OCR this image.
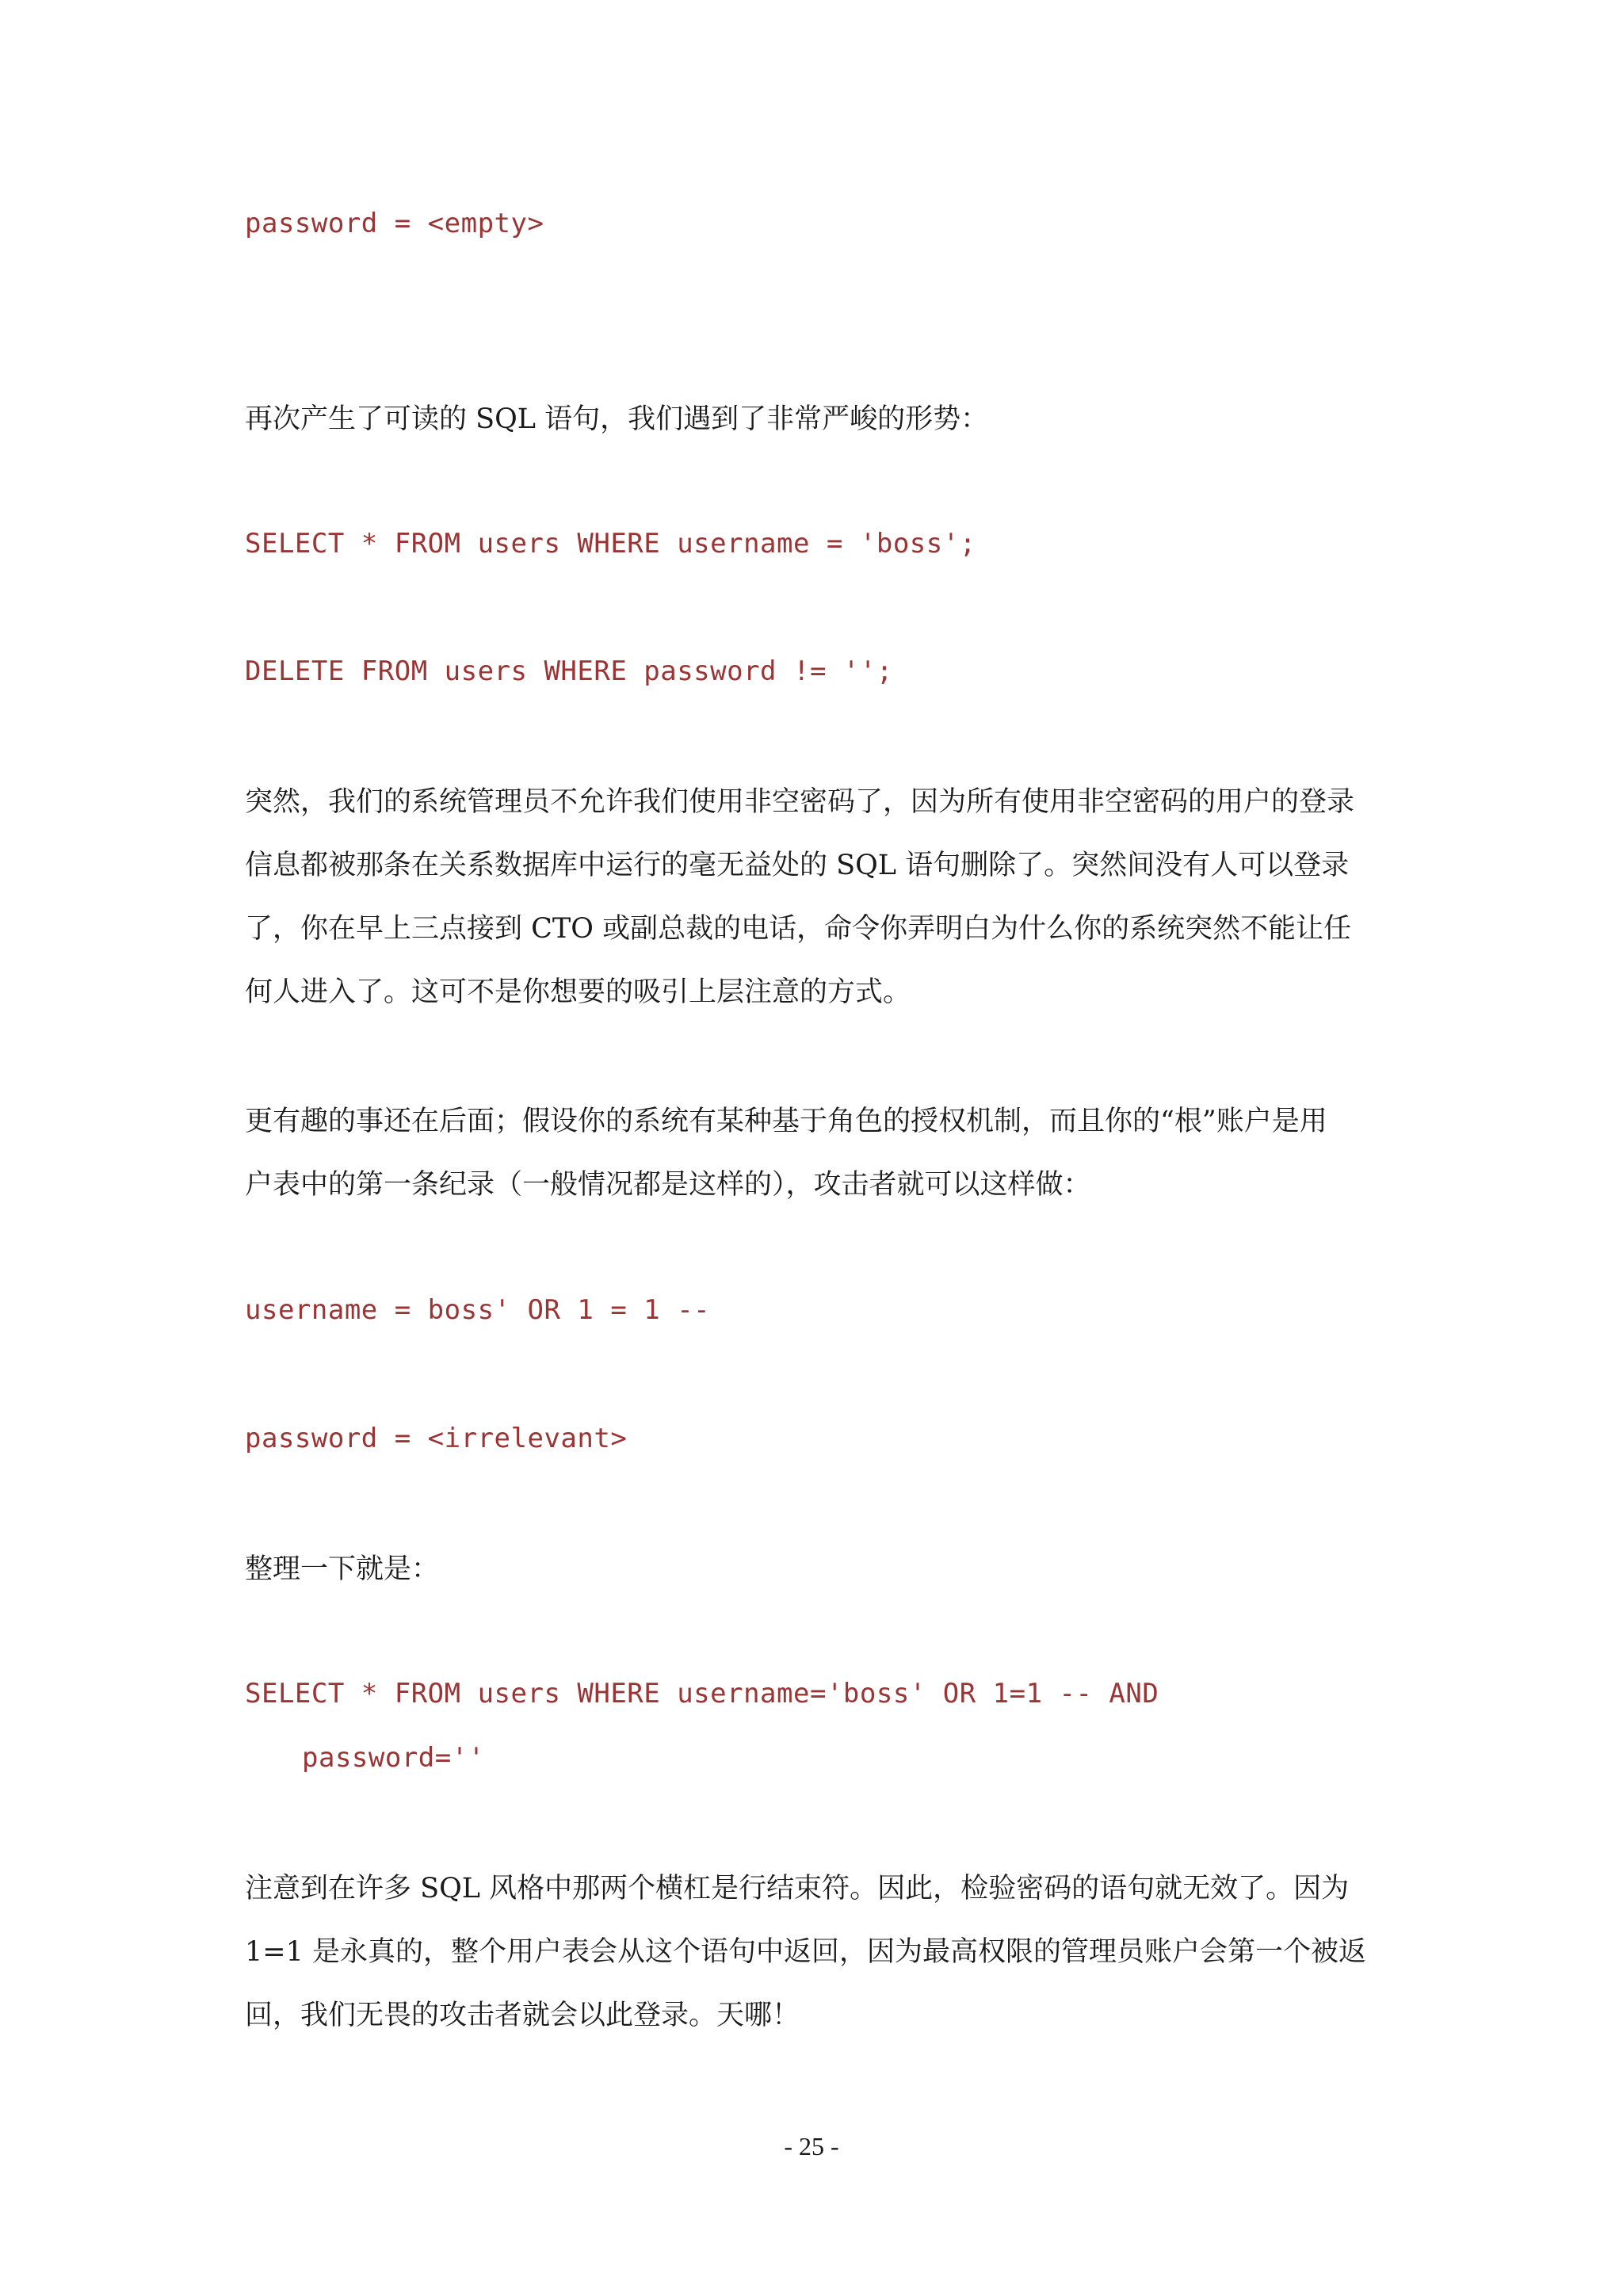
password = <empty>
再次产生了可读的 SQL 语句，我们遇到了非常严峻的形势：
SELECT * FROM users WHERE username = 'boss';
DELETE FROM users WHERE password != '';
突然，我们的系统管理员不允许我们使用非空密码了，因为所有使用非空密码的用户的登录
信息都被那条在关系数据库中运行的毫无益处的 SQL 语句删除了。突然间没有人可以登录
了，你在早上三点接到 CTO 或副总裁的电话，命令你弄明白为什么你的系统突然不能让任
何人进入了。这可不是你想要的吸引上层注意的方式。
更有趣的事还在后面；假设你的系统有某种基于角色的授权机制，而且你的“根”账户是用
户表中的第一条纪录（一般情况都是这样的），攻击者就可以这样做：
username = boss' OR 1 = 1 --
password = <irrelevant>
整理一下就是：
SELECT * FROM users WHERE username='boss' OR 1=1 -- AND
password=''
注意到在许多 SQL 风格中那两个横杠是行结束符。因此，检验密码的语句就无效了。因为
1=1 是永真的，整个用户表会从这个语句中返回，因为最高权限的管理员账户会第一个被返
回，我们无畏的攻击者就会以此登录。天哪！
- 25 -
